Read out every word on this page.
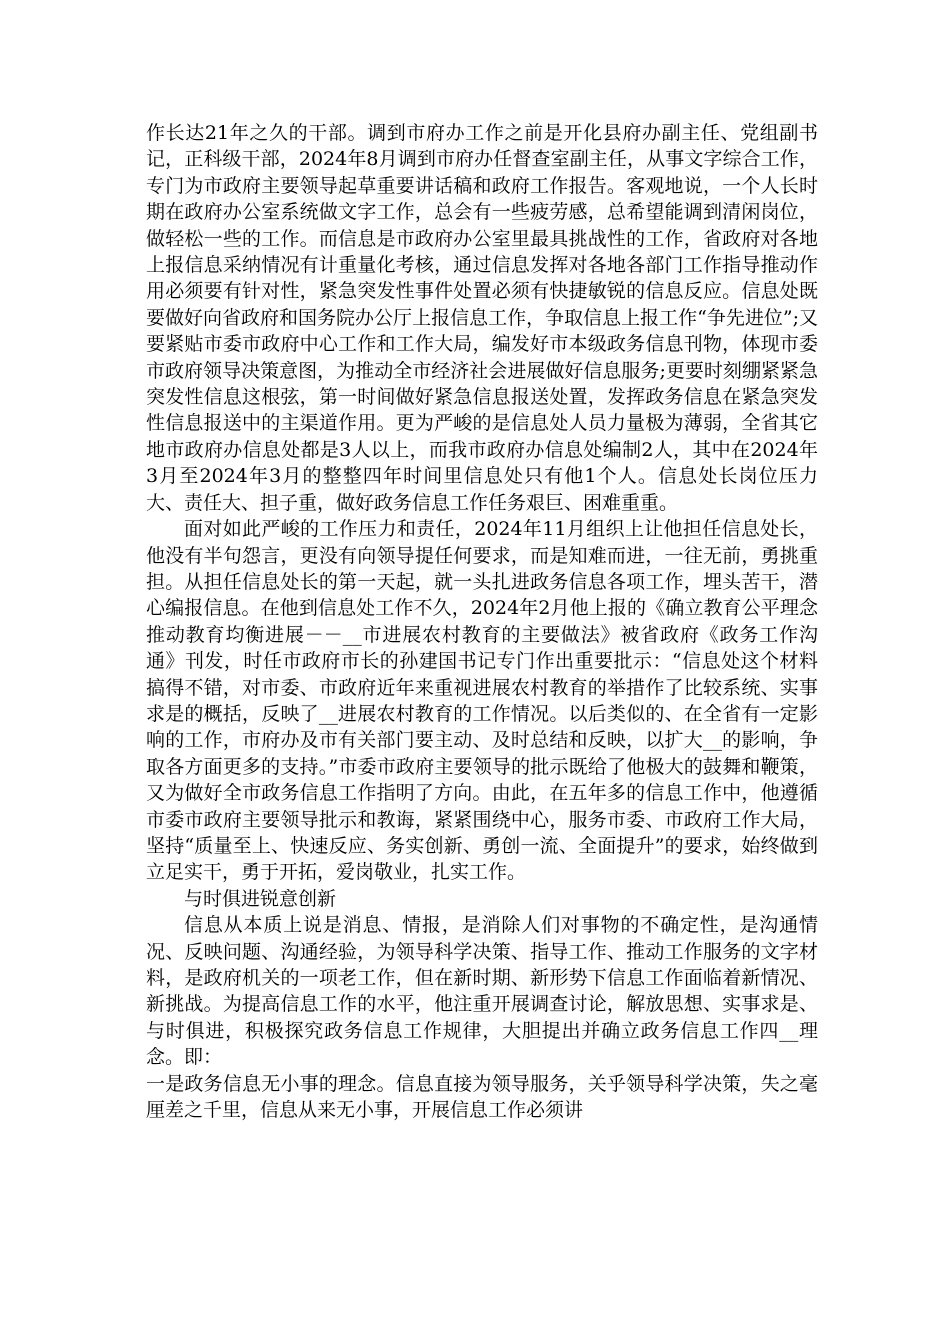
作长达21年之久的干部。调到市府办工作之前是开化县府办副主任、党组副书记，正科级干部，2024年8月调到市府办任督查室副主任，从事文字综合工作，专门为市政府主要领导起草重要讲话稿和政府工作报告。客观地说，一个人长时期在政府办公室系统做文字工作，总会有一些疲劳感，总希望能调到清闲岗位，做轻松一些的工作。而信息是市政府办公室里最具挑战性的工作，省政府对各地上报信息采纳情况有计重量化考核，通过信息发挥对各地各部门工作指导推动作用必须要有针对性，紧急突发性事件处置必须有快捷敏锐的信息反应。信息处既要做好向省政府和国务院办公厅上报信息工作，争取信息上报工作“争先进位”;又要紧贴市委市政府中心工作和工作大局，编发好市本级政务信息刊物，体现市委市政府领导决策意图，为推动全市经济社会进展做好信息服务;更要时刻绷紧紧急突发性信息这根弦，第一时间做好紧急信息报送处置，发挥政务信息在紧急突发性信息报送中的主渠道作用。更为严峻的是信息处人员力量极为薄弱，全省其它地市政府办信息处都是3人以上，而我市政府办信息处编制2人，其中在2024年3月至2024年3月的整整四年时间里信息处只有他1个人。信息处长岗位压力大、责任大、担子重，做好政务信息工作任务艰巨、困难重重。

面对如此严峻的工作压力和责任，2024年11月组织上让他担任信息处长，他没有半句怨言，更没有向领导提任何要求，而是知难而进，一往无前，勇挑重担。从担任信息处长的第一天起，就一头扎进政务信息各项工作，埋头苦干，潜心编报信息。在他到信息处工作不久，2024年2月他上报的《确立教育公平理念推动教育均衡进展－－__市进展农村教育的主要做法》被省政府《政务工作沟通》刊发，时任市政府市长的孙建国书记专门作出重要批示：“信息处这个材料搞得不错，对市委、市政府近年来重视进展农村教育的举措作了比较系统、实事求是的概括，反映了__进展农村教育的工作情况。以后类似的、在全省有一定影响的工作，市府办及市有关部门要主动、及时总结和反映，以扩大__的影响，争取各方面更多的支持。”市委市政府主要领导的批示既给了他极大的鼓舞和鞭策，又为做好全市政务信息工作指明了方向。由此，在五年多的信息工作中，他遵循市委市政府主要领导批示和教诲，紧紧围绕中心，服务市委、市政府工作大局，坚持“质量至上、快速反应、务实创新、勇创一流、全面提升”的要求，始终做到立足实干，勇于开拓，爱岗敬业，扎实工作。

与时俱进锐意创新

信息从本质上说是消息、情报，是消除人们对事物的不确定性，是沟通情况、反映问题、沟通经验，为领导科学决策、指导工作、推动工作服务的文字材料，是政府机关的一项老工作，但在新时期、新形势下信息工作面临着新情况、新挑战。为提高信息工作的水平，他注重开展调查讨论，解放思想、实事求是、与时俱进，积极探究政务信息工作规律，大胆提出并确立政务信息工作四__理念。即：

一是政务信息无小事的理念。信息直接为领导服务，关乎领导科学决策，失之毫厘差之千里，信息从来无小事，开展信息工作必须讲
